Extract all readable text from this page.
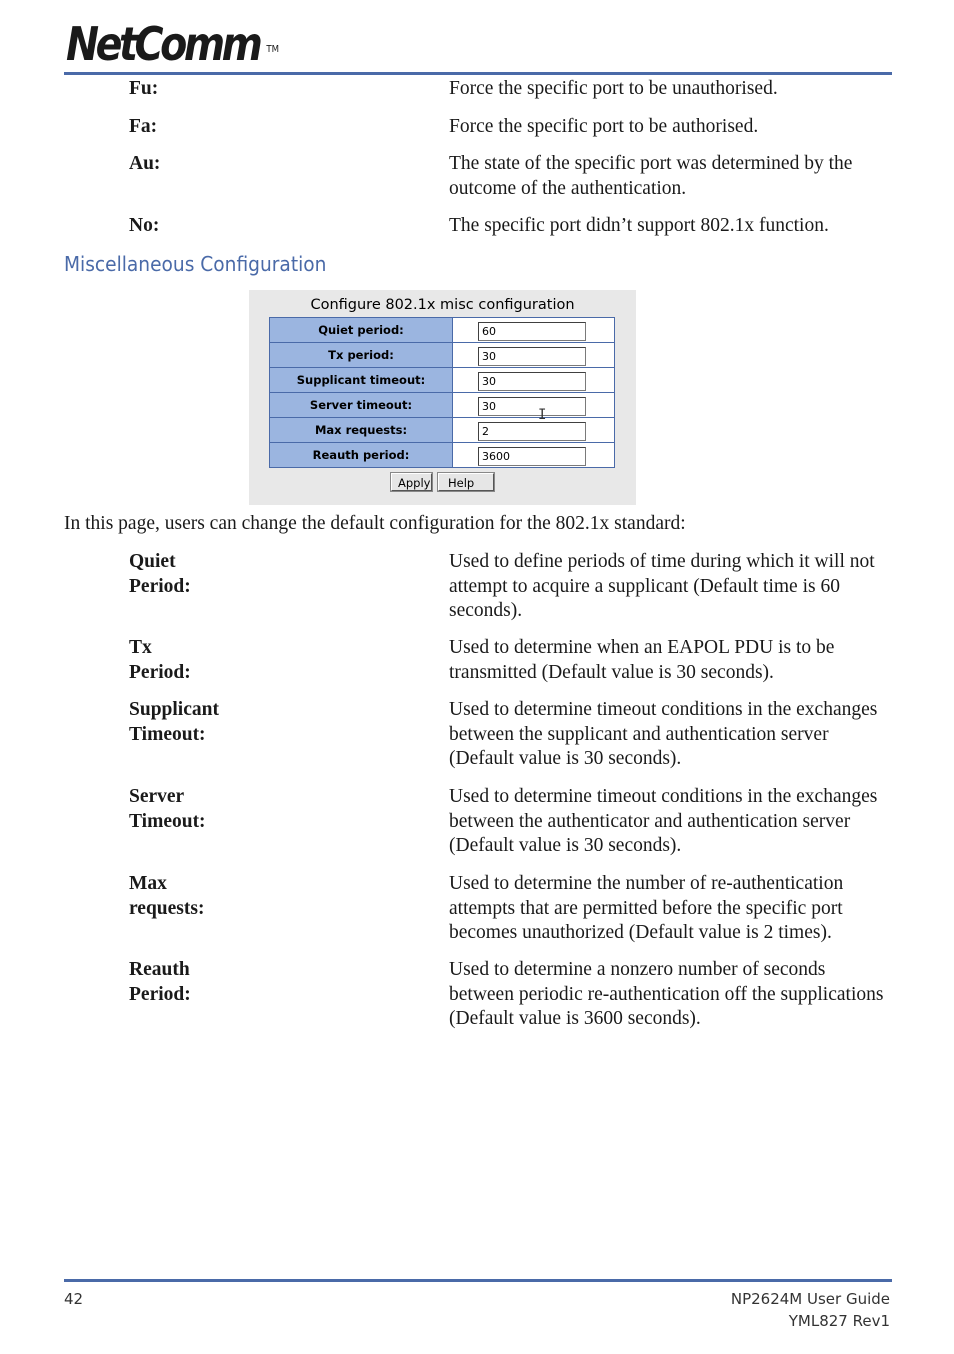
NetComm ™
Fu:	Force the specific port to be unauthorised.
Fa:	Force the specific port to be authorised.
Au:	The state of the specific port was determined by the outcome of the authentication.
No:	The specific port didn’t support 802.1x function.
Miscellaneous Configuration
Configure 802.1x misc configuration
Quiet period:	60
Tx period:	30
Supplicant timeout:	30
Server timeout:	30
Max requests:	2
Reauth period:	3600
I
Apply Help
In this page, users can change the default configuration for the 802.1x standard:
Quiet Period:
Used to define periods of time during which it will not attempt to acquire a supplicant (Default time is 60 seconds).
Tx Period:
Used to determine when an EAPOL PDU is to be transmitted (Default value is 30 seconds).
Supplicant Timeout:
Used to determine timeout conditions in the exchanges between the supplicant and authentication server (Default value is 30 seconds).
Server Timeout:
Used to determine timeout conditions in the exchanges between the authenticator and authentication server (Default value is 30 seconds).
Max requests:
Used to determine the number of re-authentication attempts that are permitted before the specific port becomes unauthorized (Default value is 2 times).
Reauth Period:
Used to determine a nonzero number of seconds between periodic re-authentication off the supplications (Default value is 3600 seconds).
42	NP2624M User Guide
YML827 Rev1
